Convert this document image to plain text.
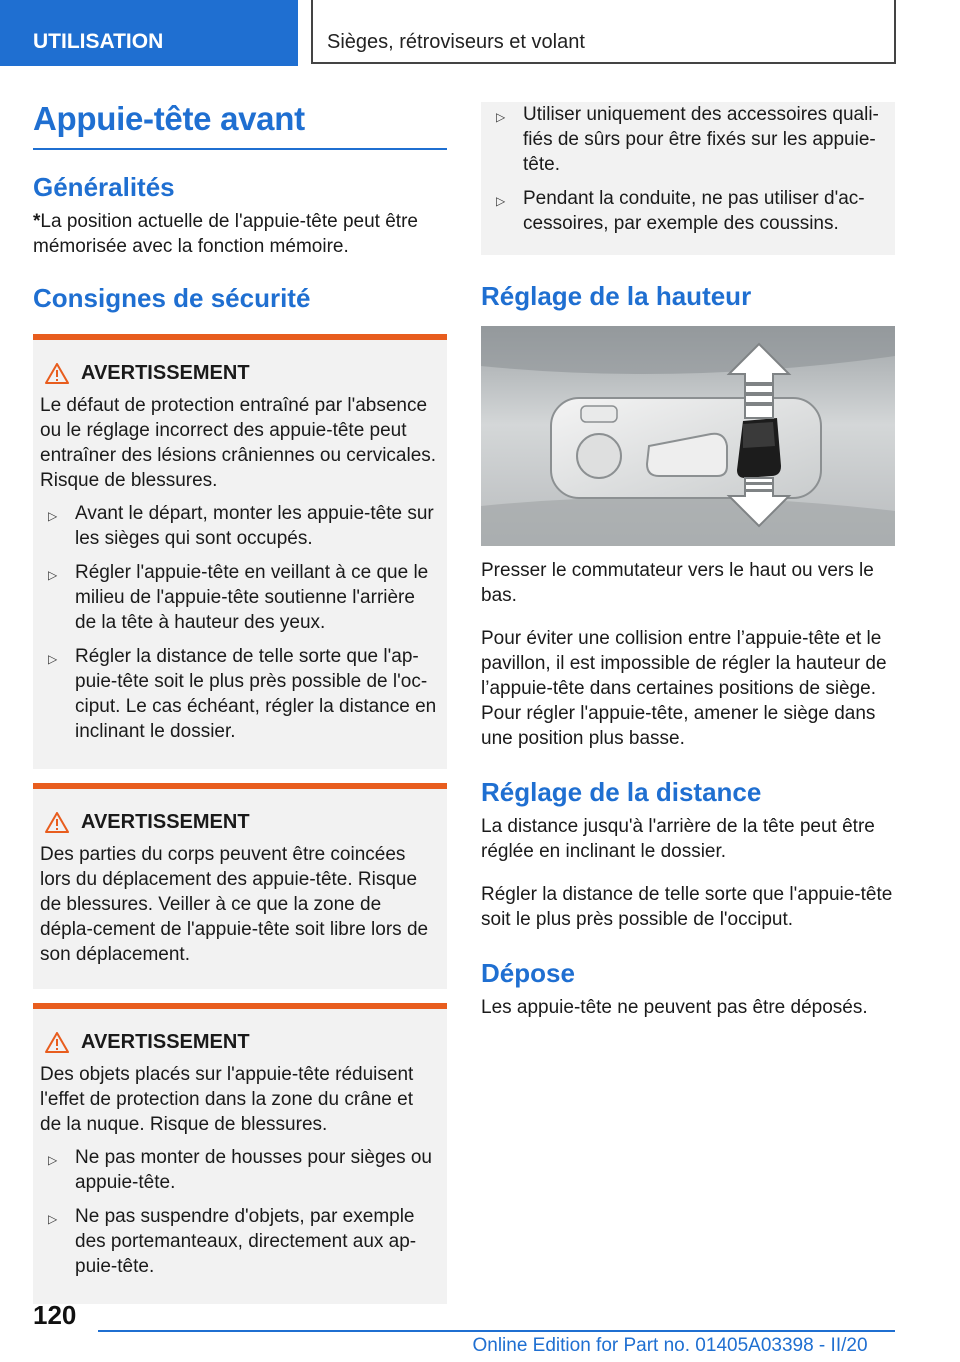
UTILISATION	Sièges, rétroviseurs et volant
Appuie-tête avant
Généralités

*La position actuelle de l'appuie-tête peut être mémorisée avec la fonction mémoire.

Consignes de sécurité
AVERTISSEMENT

Le défaut de protection entraîné par l'absence ou le réglage incorrect des appuie-tête peut entraîner des lésions crâniennes ou cervicales. Risque de blessures.

▷ Avant le départ, monter les appuie-tête sur les sièges qui sont occupés.
▷ Régler l'appuie-tête en veillant à ce que le milieu de l'appuie-tête soutienne l'arrière de la tête à hauteur des yeux.
▷ Régler la distance de telle sorte que l'ap-puie-tête soit le plus près possible de l'oc-ciput. Le cas échéant, régler la distance en inclinant le dossier.
AVERTISSEMENT

Des parties du corps peuvent être coincées lors du déplacement des appuie-tête. Risque de blessures. Veiller à ce que la zone de dépla-cement de l'appuie-tête soit libre lors de son déplacement.

AVERTISSEMENT

Des objets placés sur l'appuie-tête réduisent l'effet de protection dans la zone du crâne et de la nuque. Risque de blessures.

▷ Ne pas monter de housses pour sièges ou appuie-tête.
▷ Ne pas suspendre d'objets, par exemple des portemanteaux, directement aux ap-puie-tête.
▷ Utiliser uniquement des accessoires quali-fiés de sûrs pour être fixés sur les appuie-tête.
▷ Pendant la conduite, ne pas utiliser d'ac-cessoires, par exemple des coussins.
Réglage de la hauteur

Presser le commutateur vers le haut ou vers le bas.

Pour éviter une collision entre l’appuie-tête et le pavillon, il est impossible de régler la hauteur de l’appuie-tête dans certaines positions de siège. Pour régler l'appuie-tête, amener le siège dans une position plus basse.

Réglage de la distance

La distance jusqu'à l'arrière de la tête peut être réglée en inclinant le dossier.

Régler la distance de telle sorte que l'appuie-tête soit le plus près possible de l'occiput.

Dépose

Les appuie-tête ne peuvent pas être déposés.

120
Online Edition for Part no. 01405A03398 - II/20
